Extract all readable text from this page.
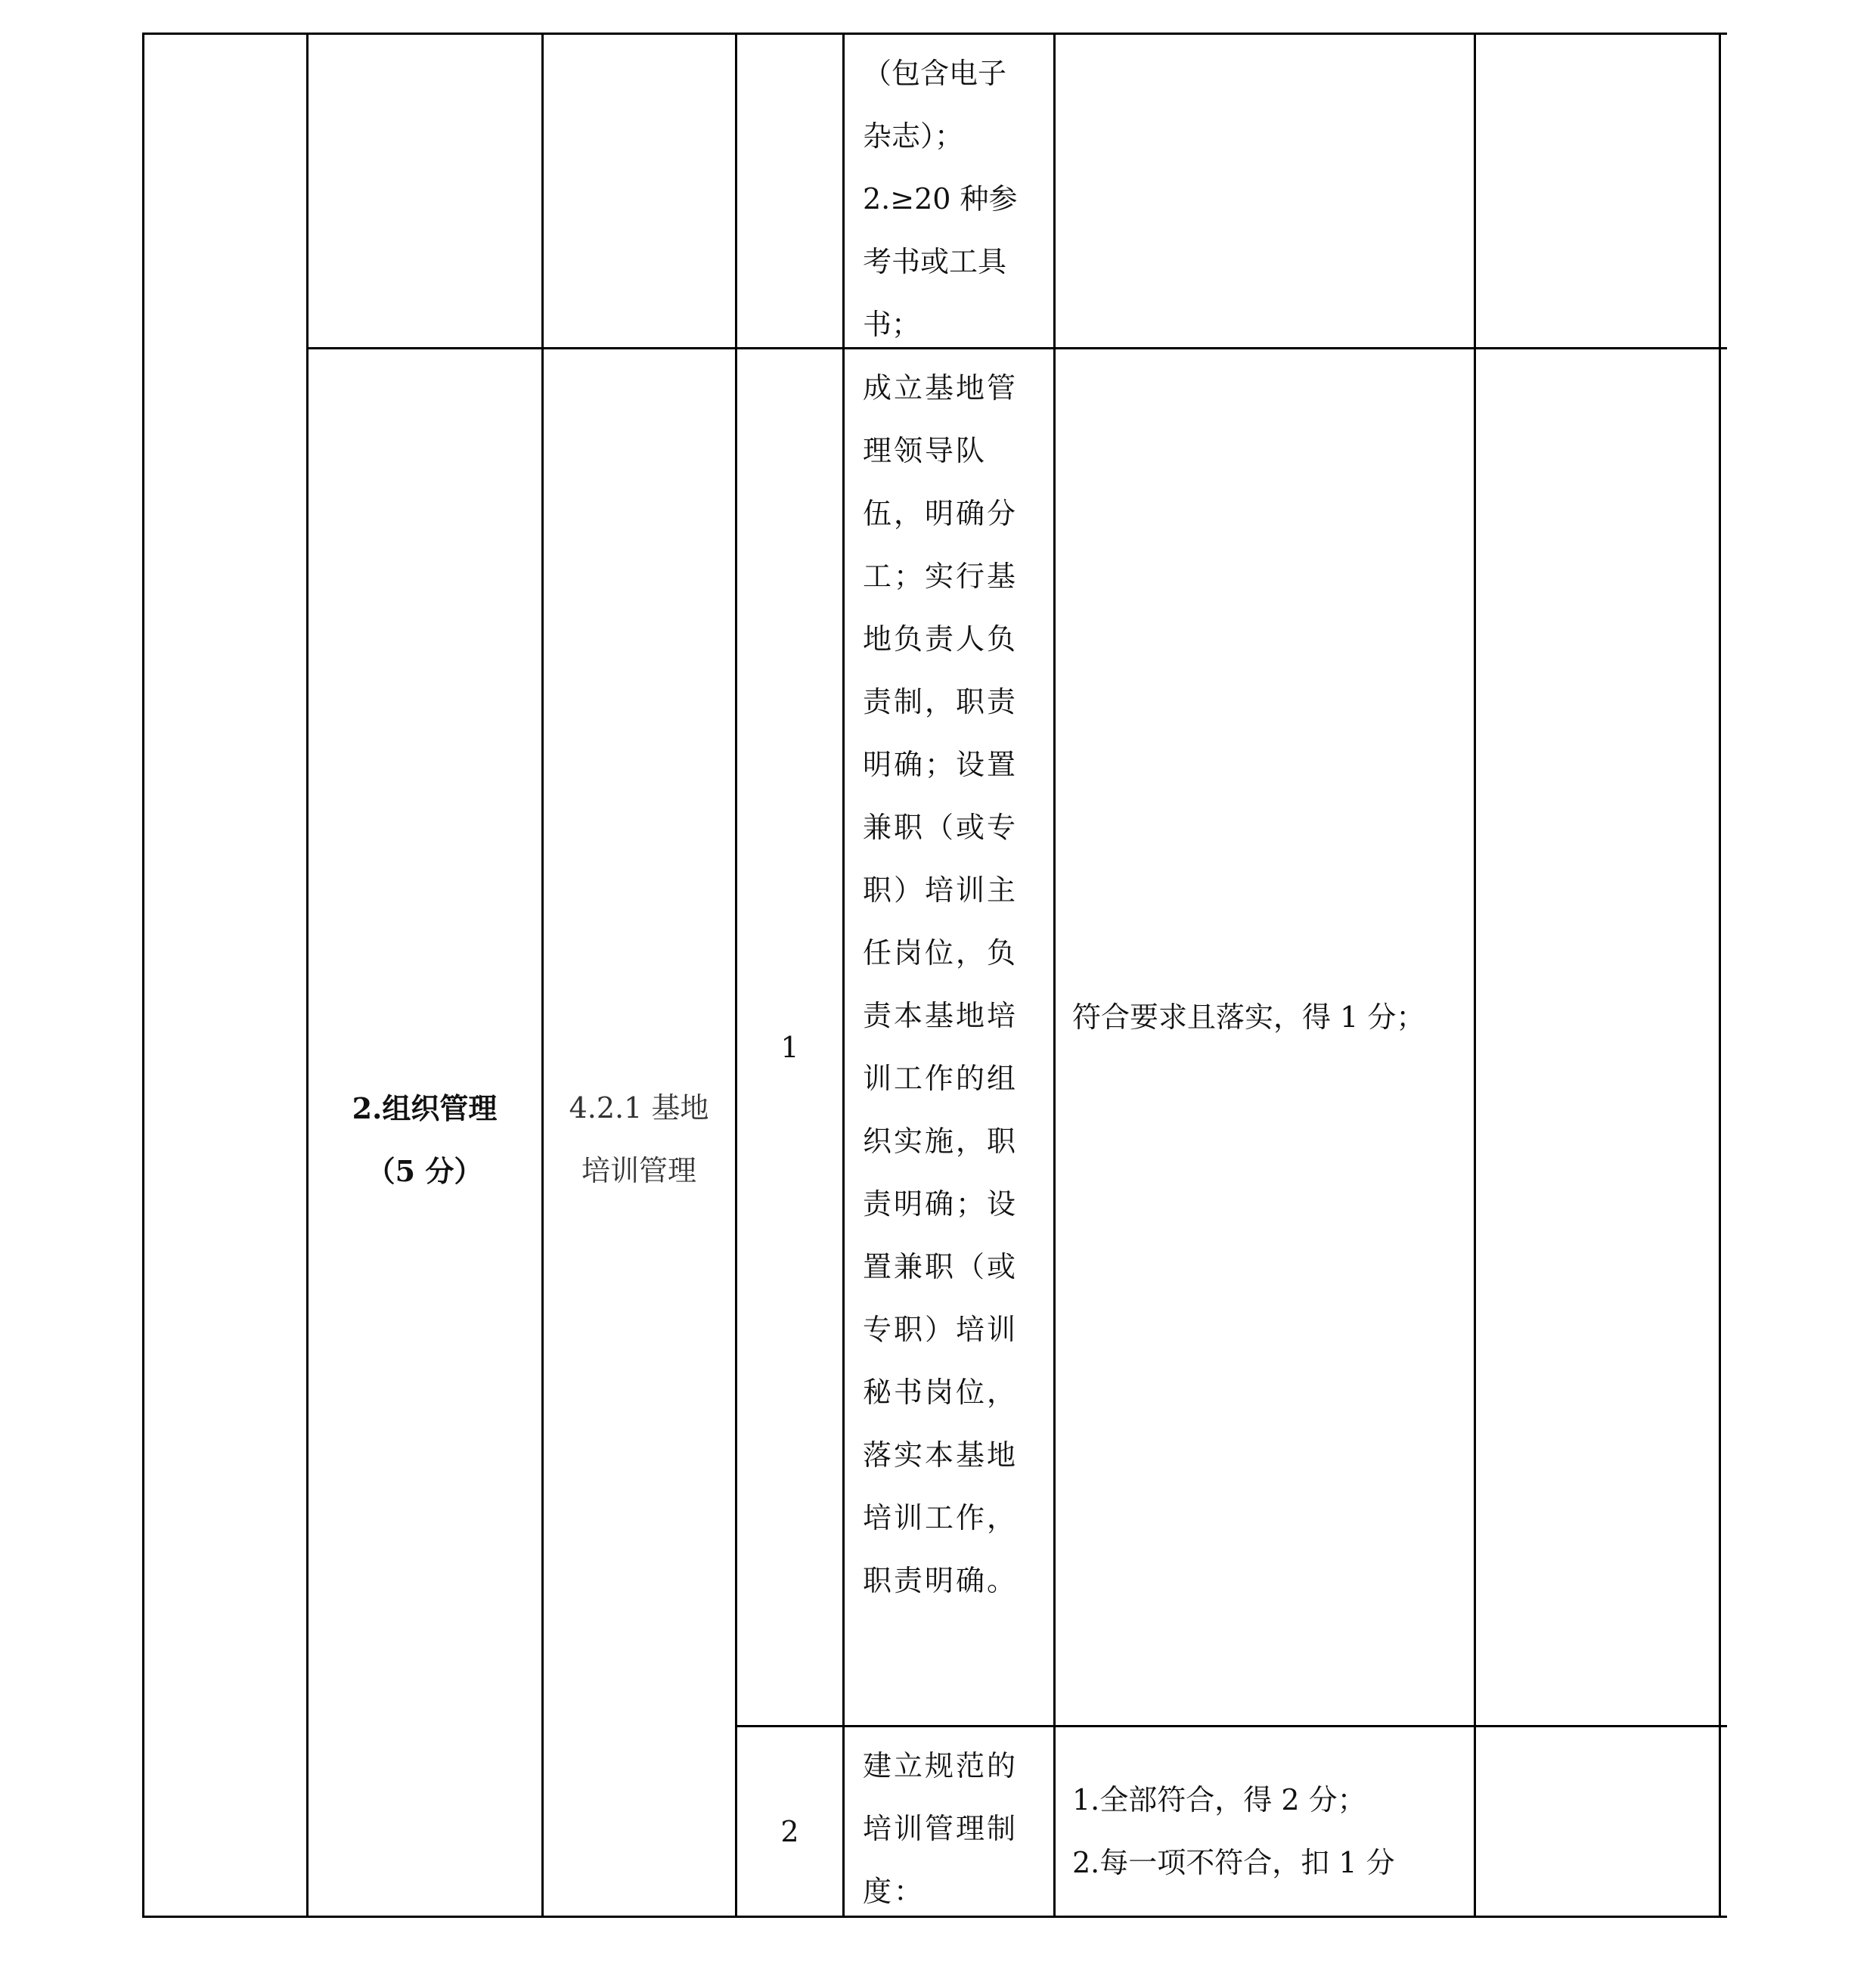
（包含电子
杂志）；
2.≥20 种参
考书或工具
书；
2.组织管理
（5 分）
4.2.1 基地
培训管理
1
成立基地管理领导队伍，明确分工；实行基地负责人负责制，职责明确；设置兼职（或专职）培训主任岗位，负责本基地培训工作的组织实施，职责明确；设置兼职（或专职）培训秘书岗位，落实本基地培训工作，职责明确。
符合要求且落实，得 1 分；
2
建立规范的培训管理制度：
1.全部符合，得 2 分；
2.每一项不符合，扣 1 分
